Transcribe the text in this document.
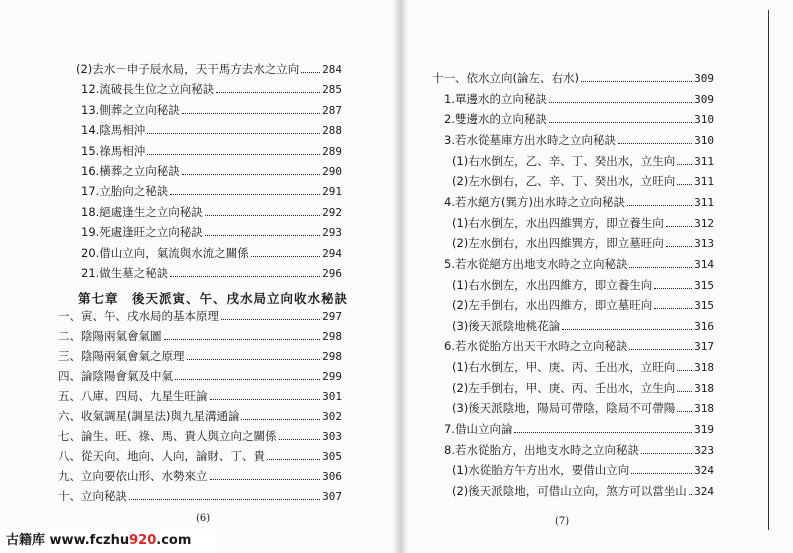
(2)去水－申子辰水局，天干馬方去水之立向 284
12.流破長生位之立向秘訣	285
13.側葬之立向秘訣	287
14.陰馬相沖	288
15.祿馬相沖	289
16.橫葬之立向秘訣	290
17.立胎向之秘訣	291
18.絕處逢生之立向秘訣	292
19.死處逢旺之立向秘訣	293
20.借山立向，氣流與水流之關係	294
21.做生墓之秘訣	296
一、寅、午、戌水局的基本原理	297
二、陰陽兩氣會氣圖	298
三、陰陽兩氣會氣之原理	298
四、論陰陽會氣及中氣	299
五、八庫、四局、九星生旺論	301
六、收氣調星(調星法)與九星溝通論	302
七、論生、旺、祿、馬、貴人與立向之關係	303
八、從天向、地向、人向，論財、丁、貴	305
九、立向要依山形、水勢來立	306
十、立向秘訣	307
十一、依水立向(論左、右水)	309
1.單邊水的立向秘訣	309
2.雙邊水的立向秘訣	310
3.若水從墓庫方出水時之立向秘訣	310
(1)右水倒左，乙、辛、丁、癸出水，立生向 311
(2)左水倒右，乙、辛、丁、癸出水，立旺向 311
4.若水絕方(巽方)出水時之立向秘訣	311
(1)右水倒左，水出四維巽方，即立養生向	312
(2)左水倒右，水出四維巽方，即立墓旺向	313
5.若水從絕方出地支水時之立向秘訣	314
(1)右水倒左，水出四維方，即立養生向	315
(2)左手倒右，水出四維方，即立墓旺向	315
(3)後天派陰地桃花論	316
6.若水從胎方出天干水時之立向秘訣	317
(1)右水倒左，甲、庚、丙、壬出水，立旺向 318
(2)左手倒右，甲、庚、丙、壬出水，立生向 318
(3)後天派陰地，陽局可帶陰，陰局不可帶陽 318
7.借山立向論	319
8.若水從胎方，出地支水時之立向秘訣	323
(1)水從胎方午方出水，要借山立向	324
(2)後天派陰地，可借山立向，煞方可以當坐山 324
第七章　後天派寅、午、戌水局立向收水秘訣
(6)	(7)
古籍库 www.fczhu920.com
